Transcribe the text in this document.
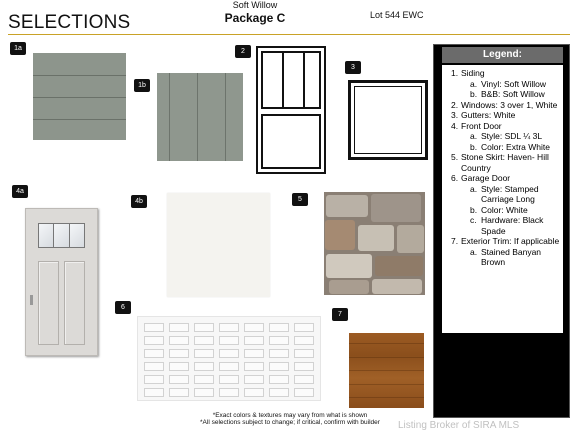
SELECTIONS
Soft Willow
Package C	Lot 544 EWC
1a
1b
2
3
4a
4b	5
6
7
*Exact colors & textures may vary from what is shown
*All selections subject to change; if critical, confirm with builder
Legend:
1. Siding
a. Vinyl: Soft Willow
b. B&B: Soft Willow
2. Windows: 3 over 1, White
3. Gutters: White
4. Front Door
a. Style: SDL ¼ 3L
b. Color: Extra White
5. Stone Skirt: Haven- Hill Country
6. Garage Door
a. Style: Stamped Carriage Long
b. Color: White
c. Hardware: Black Spade
7. Exterior Trim: If applicable
a. Stained Banyan Brown
Listing Broker of SIRA MLS
